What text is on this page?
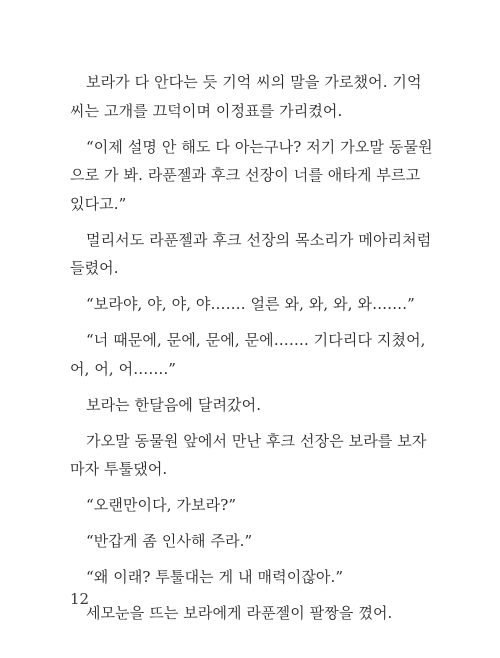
보라가 다 안다는 듯 기억 씨의 말을 가로챘어. 기억
씨는 고개를 끄덕이며 이정표를 가리켰어.

“이제 설명 안 해도 다 아는구나? 저기 가오말 동물원
으로 가 봐. 라푼젤과 후크 선장이 너를 애타게 부르고
있다고.”

멀리서도 라푼젤과 후크 선장의 목소리가 메아리처럼
들렸어.

“보라야, 야, 야, 야……. 얼른 와, 와, 와, 와…….”

“너 때문에, 문에, 문에, 문에……. 기다리다 지쳤어,
어, 어, 어…….”

보라는 한달음에 달려갔어.

가오말 동물원 앞에서 만난 후크 선장은 보라를 보자
마자 투툴댔어.

“오랜만이다, 가보라?”

“반갑게 좀 인사해 주라.”

“왜 이래? 투툴대는 게 내 매력이잖아.”

세모눈을 뜨는 보라에게 라푼젤이 팔짱을 꼈어.

12
